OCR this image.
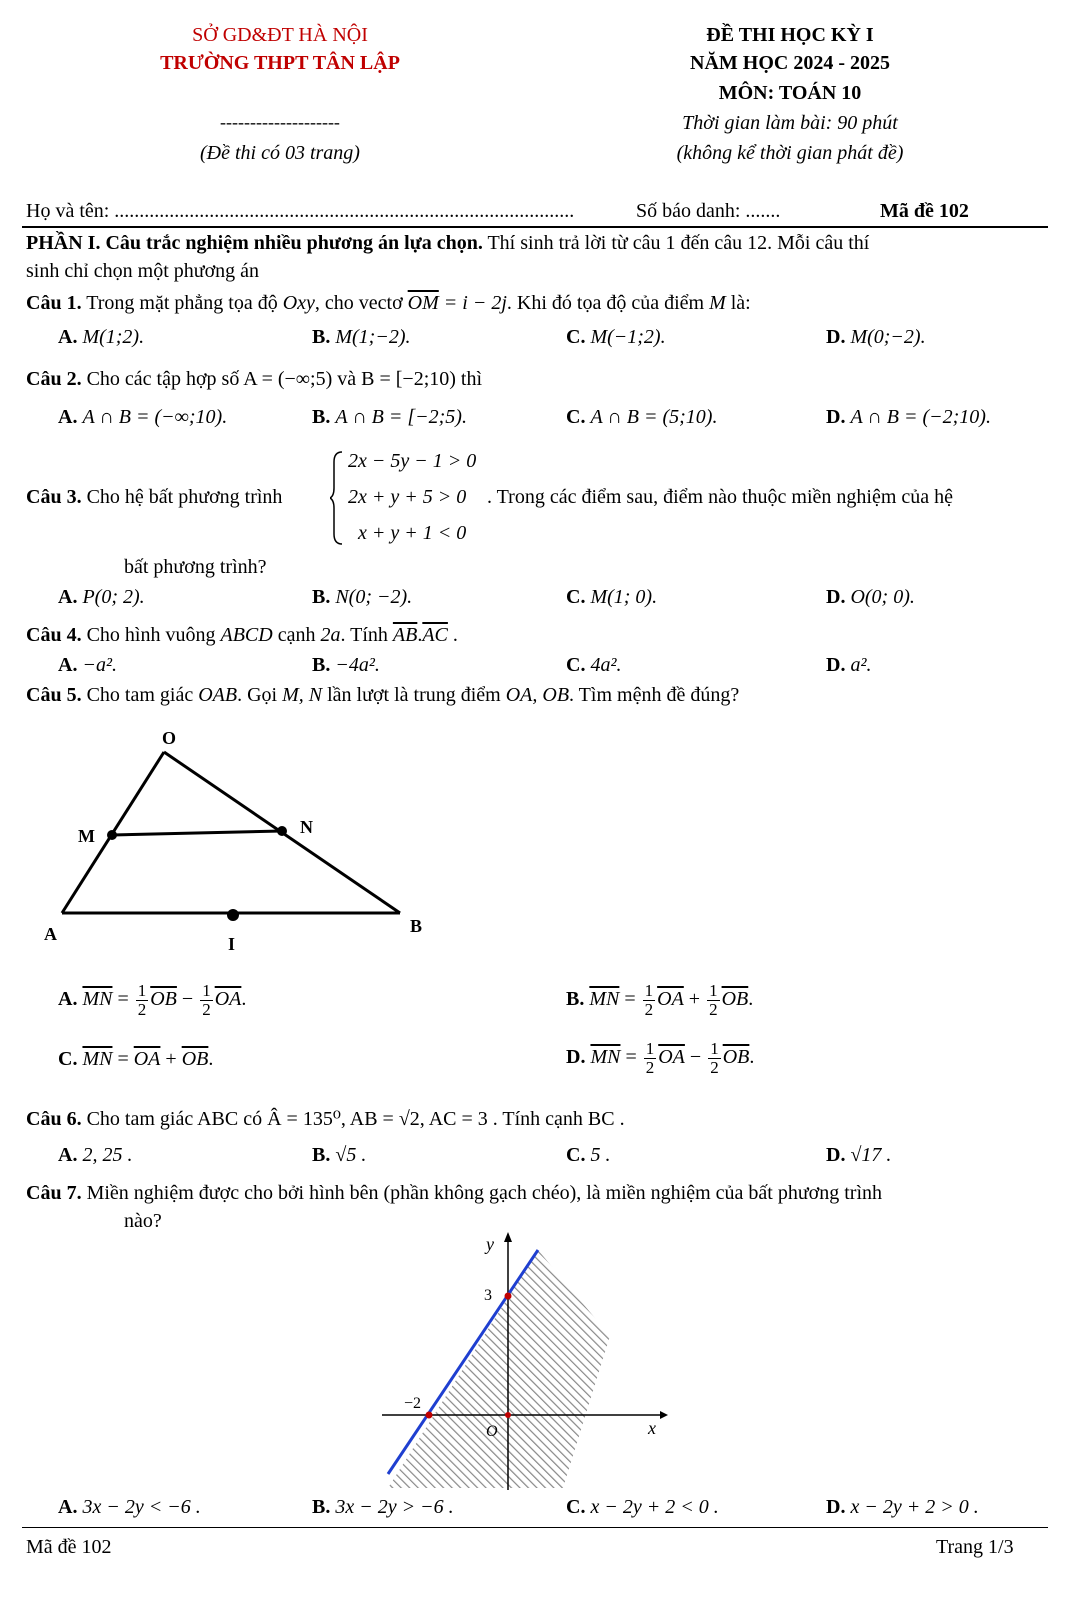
SỞ GD&ĐT HÀ NỘI
TRƯỜNG THPT TÂN LẬP
--------------------
(Đề thi có 03 trang)
ĐỀ THI HỌC KỲ I
NĂM HỌC 2024 - 2025
MÔN: TOÁN 10
Thời gian làm bài: 90 phút
(không kể thời gian phát đề)
Họ và tên: ............................................................................................	Số báo danh: .......	Mã đề 102
PHẦN I. Câu trắc nghiệm nhiều phương án lựa chọn. Thí sinh trả lời từ câu 1 đến câu 12. Mỗi câu thí
sinh chỉ chọn một phương án
Câu 1. Trong mặt phẳng tọa độ Oxy, cho vectơ $\overline{OM} = i - 2j$. Khi đó tọa độ của điểm M là:
A. M(1;2).	B. M(1;−2).	C. M(−1;2).	D. M(0;−2).
Câu 2. Cho các tập hợp số A = (−∞;5) và B = [−2;10) thì
A. A ∩ B = (−∞;10).	B. A ∩ B = [−2;5).	C. A ∩ B = (5;10).	D. A ∩ B = (−2;10).
Câu 3. Cho hệ bất phương trình
2x − 5y − 1 > 0
2x + y + 5 > 0
x + y + 1 < 0
. Trong các điểm sau, điểm nào thuộc miền nghiệm của hệ
bất phương trình?
A. P(0; 2).	B. N(0; −2).	C. M(1; 0).	D. O(0; 0).
Câu 4. Cho hình vuông ABCD cạnh 2a. Tính $\overline{AB}.\overline{AC}$ .
A. −a².	B. −4a².	C. 4a².	D. a².
Câu 5. Cho tam giác OAB. Gọi M, N lần lượt là trung điểm OA, OB. Tìm mệnh đề đúng?
O
M	N
A	B
I
A. $\overline{MN} = \frac{1}{2} \overline{OB} - \frac{1}{2} \overline{OA}$.	B. $\overline{MN} = \frac{1}{2} \overline{OA} + \frac{1}{2} \overline{OB}$.
C. $\overline{MN} = \overline{OA} + \overline{OB}$.	D. $\overline{MN} = \frac{1}{2} \overline{OA} - \frac{1}{2} \overline{OB}$.
Câu 6. Cho tam giác ABC có Â = 135⁰, AB = √2, AC = 3 . Tính cạnh BC .
A. 2, 25 .	B. √5 .	C. 5 .	D. √17 .
Câu 7. Miền nghiệm được cho bởi hình bên (phần không gạch chéo), là miền nghiệm của bất phương trình
nào?
y
x
3
−2
O
A. 3x − 2y < −6 .	B. 3x − 2y > −6 .	C. x − 2y + 2 < 0 .	D. x − 2y + 2 > 0 .
Mã đề 102	Trang 1/3
